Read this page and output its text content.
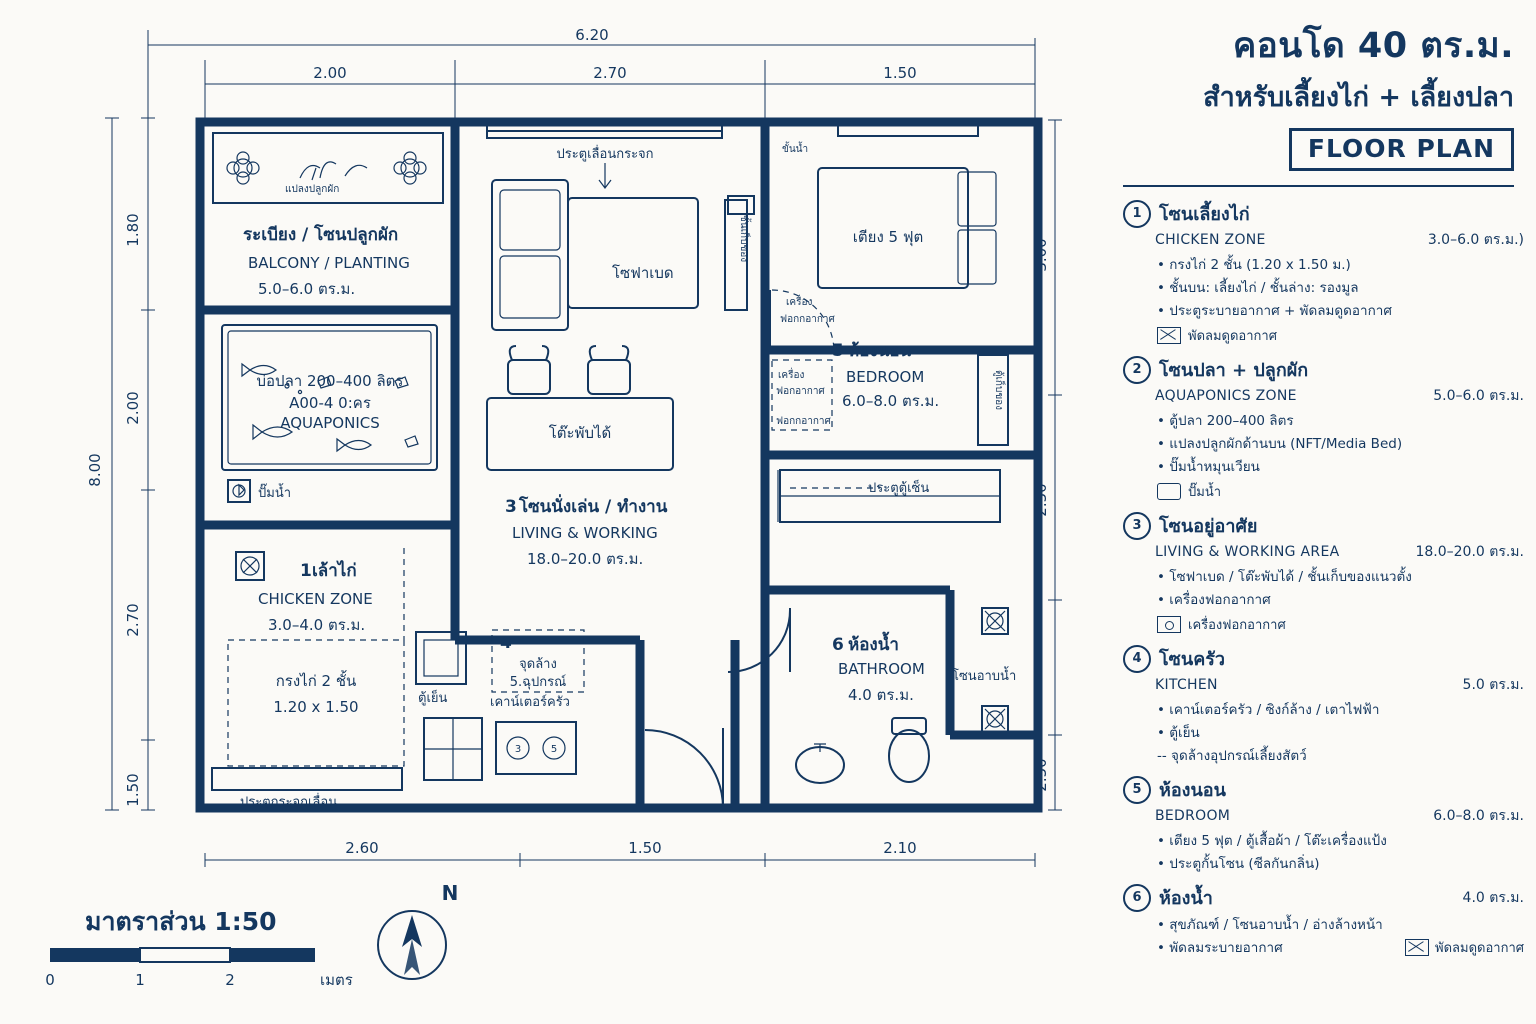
6.20
2.00	2.70	1.50
8.00
1.80
2.00
2.70
1.50
3.00
2.50
2.50
2.60	1.50	2.10
แปลงปลูกผัก
ระเบียง / โซนปลูกผัก
BALCONY / PLANTING
5.0–6.0 ตร.ม.
บ่อปลา 200–400 ลิตร
A00-4 0:คร
AQUAPONICS
ปั๊มน้ำ
1 เล้าไก่
CHICKEN ZONE
3.0–4.0 ตร.ม.
กรงไก่ 2 ชั้น
1.20 x 1.50
ประตูกระจกเลื่อน
ประตูเลื่อนกระจก
โซฟาเบด
โต๊ะพับได้
ชั้นเก็บของ
3 โซนนั่งเล่น / ทำงาน
LIVING & WORKING
18.0–20.0 ตร.ม.
ตู้เย็น
4
จุดล้าง
5.ฉุปกรณ์
3	5
เคาน์เตอร์ครัว
ขั้นน้ำ
เตียง 5 ฟุต
ตู้เก็บของ
เครื่อง
ฟอกกอากาศ
5 ห้องนอน
BEDROOM
6.0–8.0 ตร.ม.
เครื่อง
ฟอกอากาศ
ฟอกกอากาศ
ประตูตู้เซ็น
6 ห้องน้ำ
BATHROOM
4.0 ตร.ม.
โซนอาบน้ำ
มาตราส่วน 1:50
0	1	2	เมตร
N
คอนโด 40 ตร.ม.
สำหรับเลี้ยงไก่ + เลี้ยงปลา
FLOOR PLAN
1 โซนเลี้ยงไก่
CHICKEN ZONE	3.0–6.0 ตร.ม.)
• กรงไก่ 2 ชั้น (1.20 x 1.50 ม.)
• ชั้นบน: เลี้ยงไก่ / ชั้นล่าง: รองมูล
• ประตูระบายอากาศ + พัดลมดูดอากาศ
พัดลมดูดอากาศ
2 โซนปลา + ปลูกผัก
AQUAPONICS ZONE	5.0–6.0 ตร.ม.
• ตู้ปลา 200–400 ลิตร
• แปลงปลูกผักด้านบน (NFT/Media Bed)
• ปั๊มน้ำหมุนเวียน
ปั๊มน้ำ
3 โซนอยู่อาศัย
LIVING & WORKING AREA	18.0–20.0 ตร.ม.
• โซฟาเบด / โต๊ะพับได้ / ชั้นเก็บของแนวตั้ง
• เครื่องฟอกอากาศ
เครื่องฟอกอากาศ
4 โซนครัว
KITCHEN	5.0 ตร.ม.
• เคาน์เตอร์ครัว / ซิงก์ล้าง / เตาไฟฟ้า
• ตู้เย็น
-- จุดล้างอุปกรณ์เลี้ยงสัตว์
5 ห้องนอน
BEDROOM	6.0–8.0 ตร.ม.
• เตียง 5 ฟุต / ตู้เสื้อผ้า / โต๊ะเครื่องแป้ง
• ประตูกั้นโซน (ซีลกันกลิ่น)
6 ห้องน้ำ	4.0 ตร.ม.
• สุขภัณฑ์ / โซนอาบน้ำ / อ่างล้างหน้า
• พัดลมระบายอากาศ	พัดลมดูดอากาศ
